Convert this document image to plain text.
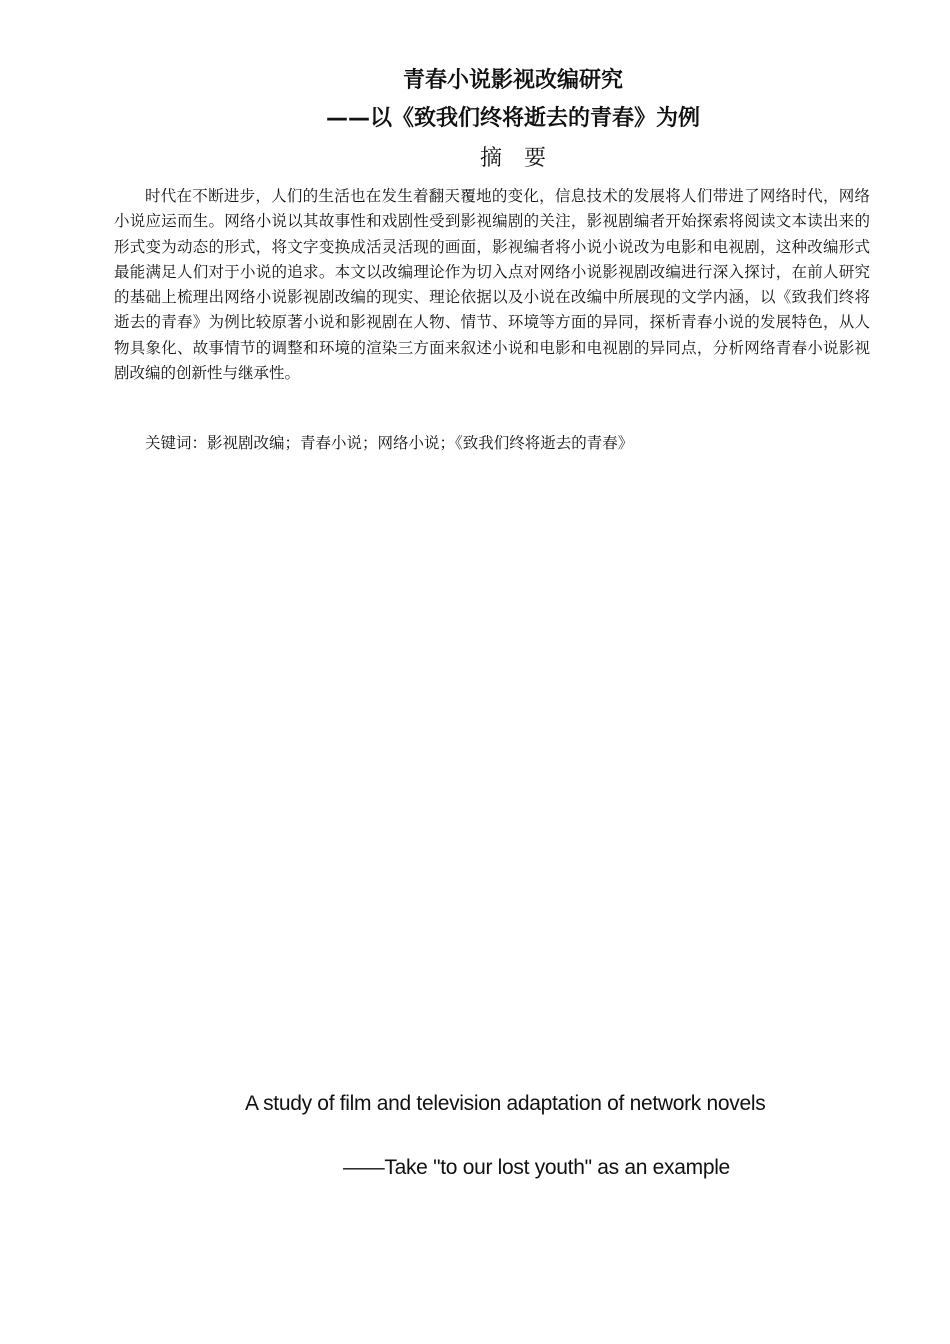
青春小说影视改编研究
——以《致我们终将逝去的青春》为例
摘要

时代在不断进步，人们的生活也在发生着翻天覆地的变化，信息技术的发展将人们带进了网络时代，网络小说应运而生。网络小说以其故事性和戏剧性受到影视编剧的关注，影视剧编者开始探索将阅读文本读出来的形式变为动态的形式，将文字变换成活灵活现的画面，影视编者将小说小说改为电影和电视剧，这种改编形式最能满足人们对于小说的追求。本文以改编理论作为切入点对网络小说影视剧改编进行深入探讨，在前人研究的基础上梳理出网络小说影视剧改编的现实、理论依据以及小说在改编中所展现的文学内涵，以《致我们终将逝去的青春》为例比较原著小说和影视剧在人物、情节、环境等方面的异同，探析青春小说的发展特色，从人物具象化、故事情节的调整和环境的渲染三方面来叙述小说和电影和电视剧的异同点，分析网络青春小说影视剧改编的创新性与继承性。

关键词：影视剧改编；青春小说；网络小说；《致我们终将逝去的青春》

A study of film and television adaptation of network novels
——Take "to our lost youth" as an example
